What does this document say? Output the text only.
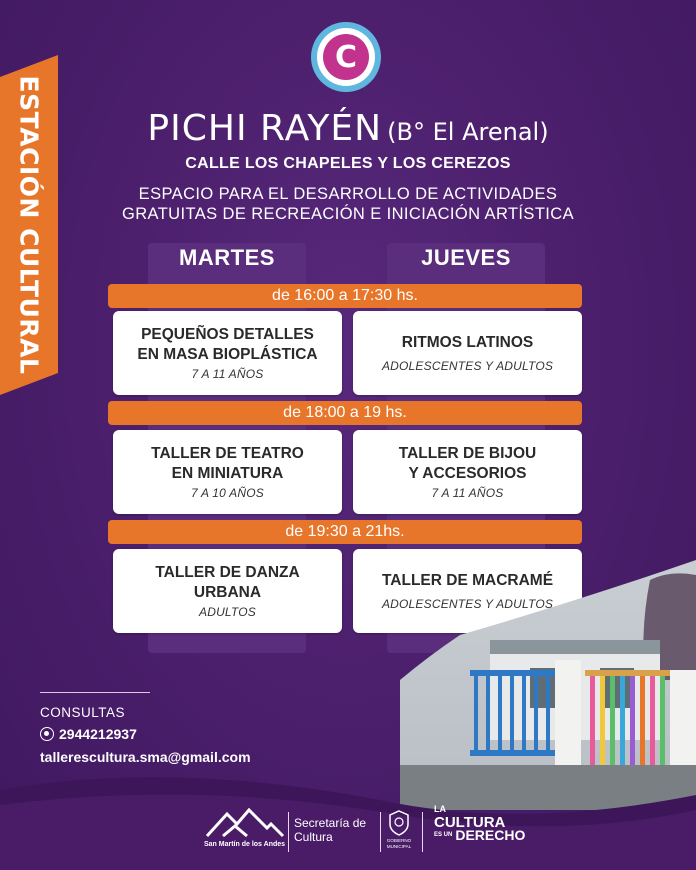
ESTACIÓN CULTURAL
C
PICHI RAYÉN (B° El Arenal)
CALLE LOS CHAPELES Y LOS CEREZOS
ESPACIO PARA EL DESARROLLO DE ACTIVIDADES
GRATUITAS DE RECREACIÓN E INICIACIÓN ARTÍSTICA
MARTES	JUEVES
de 16:00 a 17:30 hs.
PEQUEÑOS DETALLES
EN MASA BIOPLÁSTICA
7 A 11 AÑOS
RITMOS LATINOS
ADOLESCENTES Y ADULTOS
de 18:00 a 19 hs.
TALLER DE TEATRO
EN MINIATURA
7 A 10 AÑOS
TALLER DE BIJOU
Y ACCESORIOS
7 A 11 AÑOS
de 19:30 a 21hs.
TALLER DE DANZA
URBANA
ADULTOS
TALLER DE MACRAMÉ
ADOLESCENTES Y ADULTOS
CONSULTAS
2944212937
tallerescultura.sma@gmail.com
San Martín de los Andes
Secretaría de
Cultura	GOBIERNO
MUNICIPAL
LA
CULTURA
ES UN DERECHO
